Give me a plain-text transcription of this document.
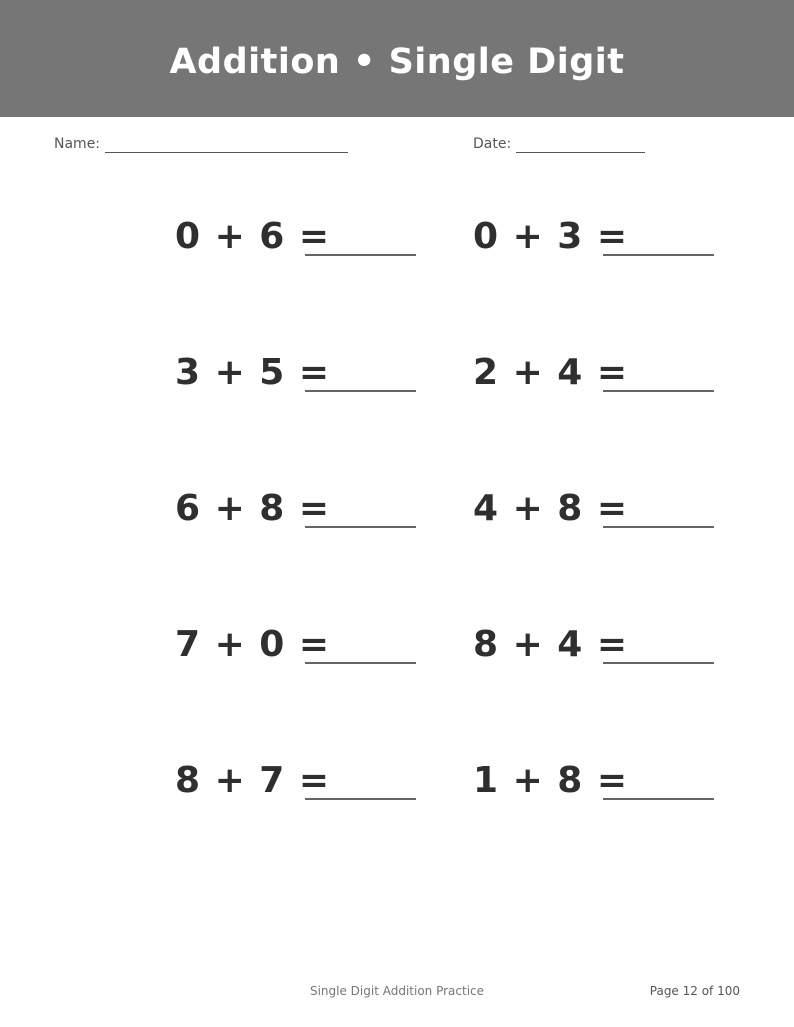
Addition • Single Digit
Name:	Date:
0 + 6 =	0 + 3 =
3 + 5 =	2 + 4 =
6 + 8 =	4 + 8 =
7 + 0 =	8 + 4 =
8 + 7 =	1 + 8 =
Single Digit Addition Practice	Page 12 of 100
